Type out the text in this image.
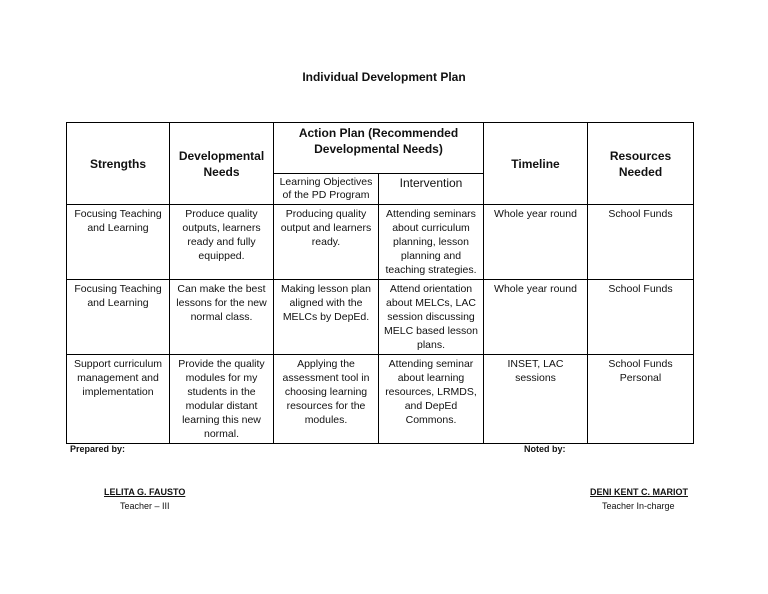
Individual Development Plan
Strengths	Developmental Needs	Action Plan (Recommended Developmental Needs)		Timeline	Resources Needed
		Learning Objectives of the PD Program	Intervention		
Focusing Teaching and Learning	Produce quality outputs, learners ready and fully equipped.	Producing quality output and learners ready.	Attending seminars about curriculum planning, lesson planning and teaching strategies.	Whole year round	School Funds
Focusing Teaching and Learning	Can make the best lessons for the new normal class.	Making lesson plan aligned with the MELCs by DepEd.	Attend orientation about MELCs, LAC session discussing MELC based lesson plans.	Whole year round	School Funds
Support curriculum management and implementation	Provide the quality modules for my students in the modular distant learning this new normal.	Applying the assessment tool in choosing learning resources for the modules.	Attending seminar about learning resources, LRMDS, and DepEd Commons.	INSET, LAC sessions	School Funds Personal
Prepared by:	Noted by:
LELITA G. FAUSTO
Teacher – III
DENI KENT C. MARIOT
Teacher In-charge
